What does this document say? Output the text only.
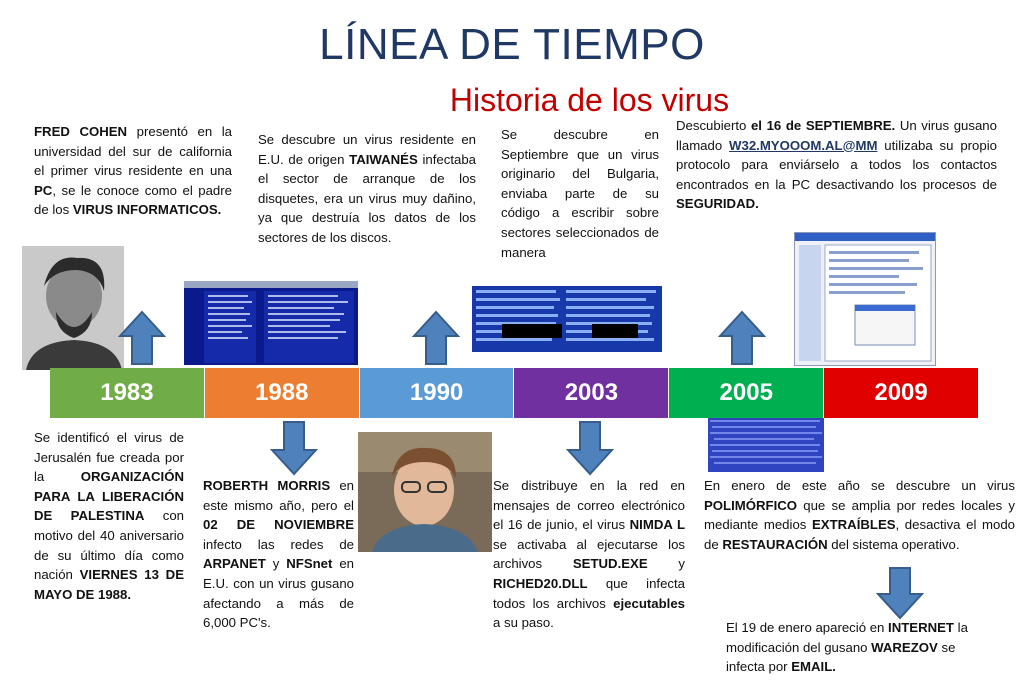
LÍNEA DE TIEMPO
Historia de los virus
FRED COHEN presentó en la universidad del sur de california el primer virus residente en una PC, se le conoce como el padre de los VIRUS INFORMATICOS.
Se descubre un virus residente en E.U. de origen TAIWANÉS infectaba el sector de arranque de los disquetes, era un virus muy dañino, ya que destruía los datos de los sectores de los discos.
Se descubre en Septiembre que un virus originario del Bulgaria, enviaba parte de su código a escribir sobre sectores seleccionados de manera
Descubierto el 16 de SEPTIEMBRE. Un virus gusano llamado W32.MYOOOM.AL@MM utilizaba su propio protocolo para enviárselo a todos los contactos encontrados en la PC desactivando los procesos de SEGURIDAD.
1983	1988	1990	2003	2005	2009
Se identificó el virus de Jerusalén fue creada por la ORGANIZACIÓN PARA LA LIBERACIÓN DE PALESTINA con motivo del 40 aniversario de su último día como nación VIERNES 13 DE MAYO DE 1988.
ROBERTH MORRIS en este mismo año, pero el 02 DE NOVIEMBRE infecto las redes de ARPANET y NFSnet en E.U. con un virus gusano afectando a más de 6,000 PC's.
Se distribuye en la red en mensajes de correo electrónico el 16 de junio, el virus NIMDA L se activaba al ejecutarse los archivos SETUD.EXE y RICHED20.DLL que infecta todos los archivos ejecutables a su paso.
En enero de este año se descubre un virus POLIMÓRFICO que se amplia por redes locales y mediante medios EXTRAÍBLES, desactiva el modo de RESTAURACIÓN del sistema operativo.
El 19 de enero apareció en INTERNET la modificación del gusano WAREZOV se infecta por EMAIL.
